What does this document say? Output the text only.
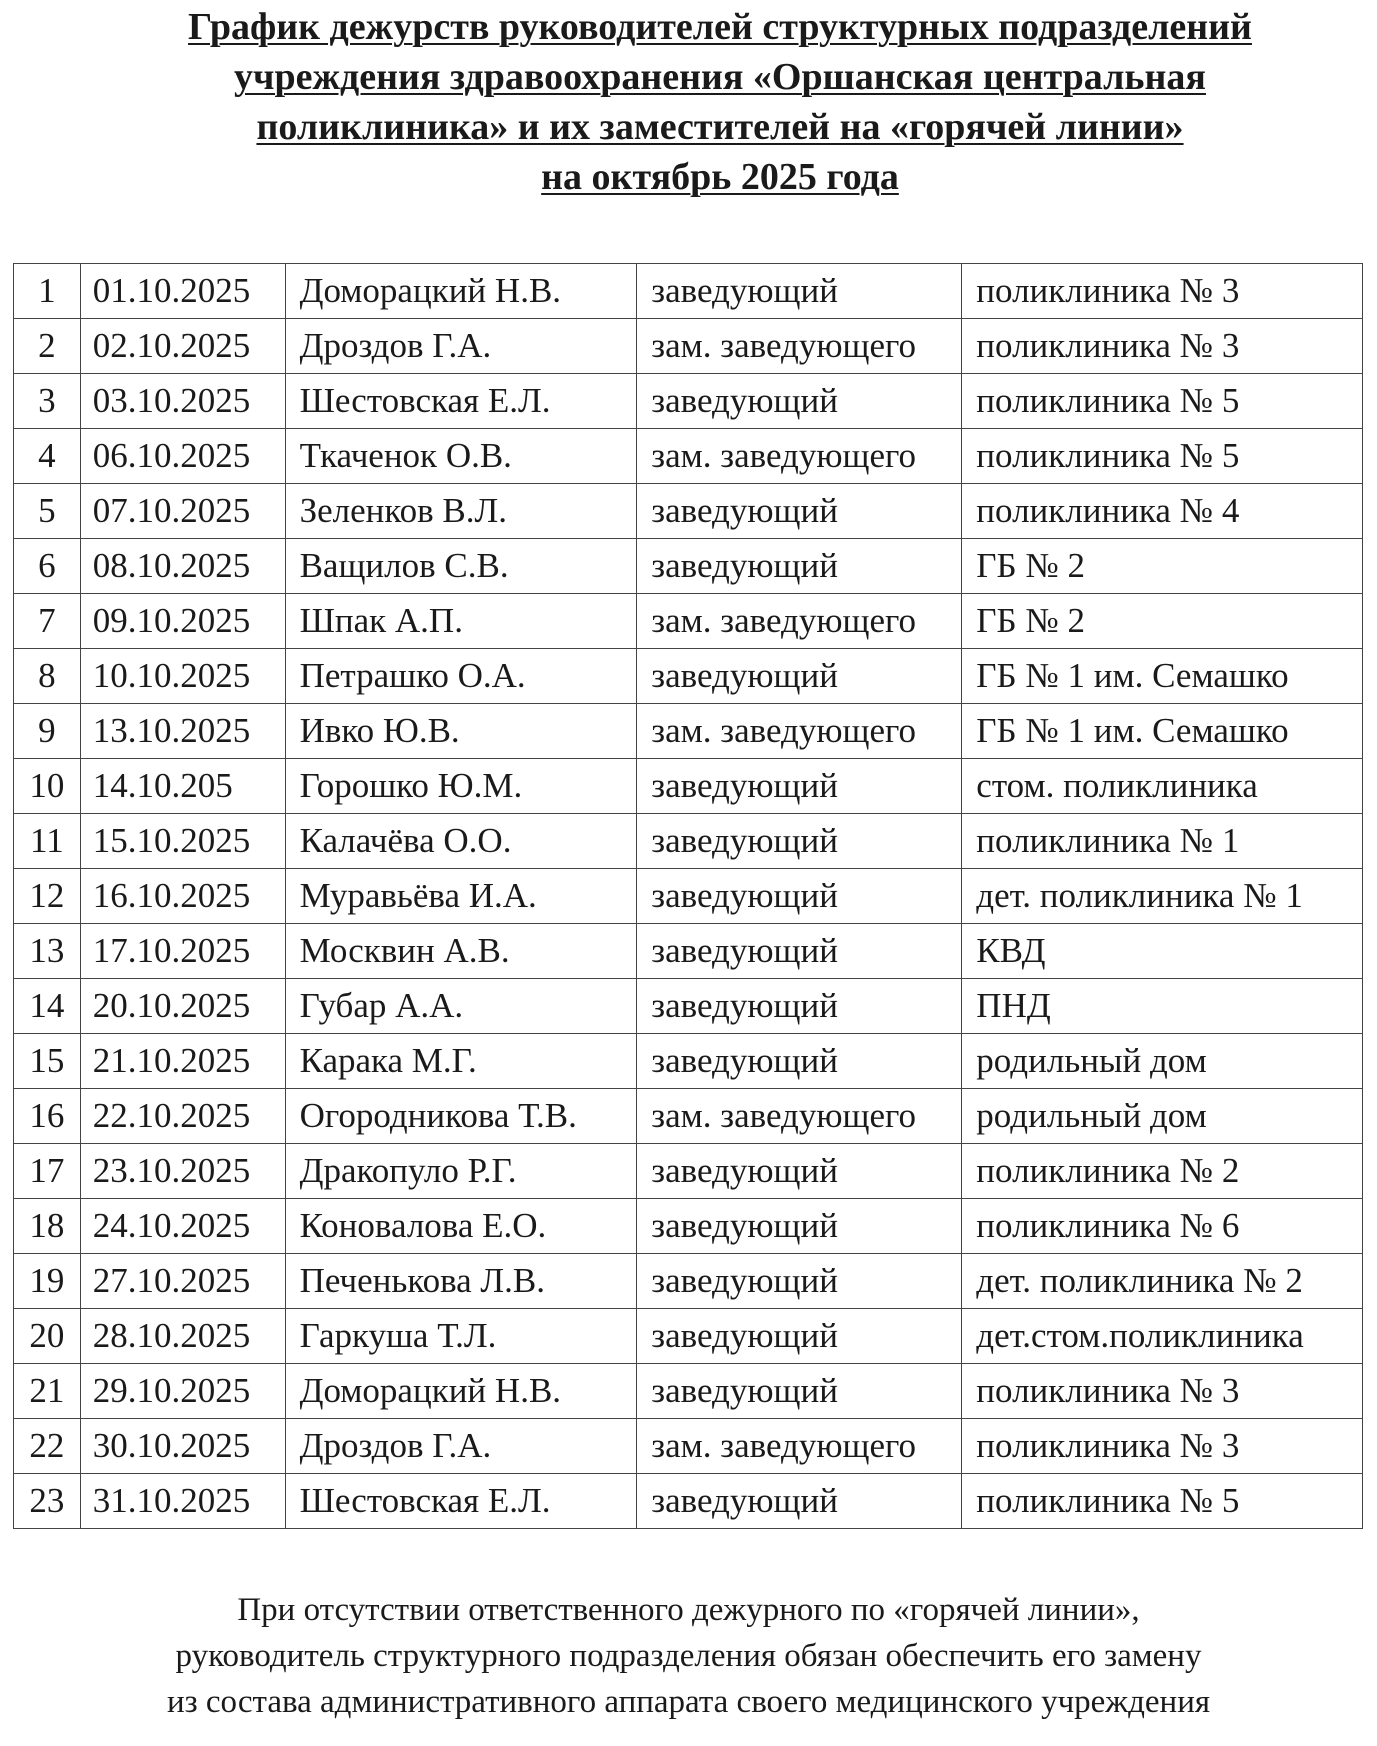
График дежурств руководителей структурных подразделений
учреждения здравоохранения «Оршанская центральная
поликлиника» и их заместителей на «горячей линии»
на октябрь 2025 года
1	01.10.2025	Доморацкий Н.В.	заведующий	поликлиника № 3
2	02.10.2025	Дроздов Г.А.	зам. заведующего	поликлиника № 3
3	03.10.2025	Шестовская Е.Л.	заведующий	поликлиника № 5
4	06.10.2025	Ткаченок О.В.	зам. заведующего	поликлиника № 5
5	07.10.2025	Зеленков В.Л.	заведующий	поликлиника № 4
6	08.10.2025	Ващилов С.В.	заведующий	ГБ № 2
7	09.10.2025	Шпак А.П.	зам. заведующего	ГБ № 2
8	10.10.2025	Петрашко О.А.	заведующий	ГБ № 1 им. Семашко
9	13.10.2025	Ивко Ю.В.	зам. заведующего	ГБ № 1 им. Семашко
10	14.10.205	Горошко Ю.М.	заведующий	стом. поликлиника
11	15.10.2025	Калачёва О.О.	заведующий	поликлиника № 1
12	16.10.2025	Муравьёва И.А.	заведующий	дет. поликлиника № 1
13	17.10.2025	Москвин А.В.	заведующий	КВД
14	20.10.2025	Губар А.А.	заведующий	ПНД
15	21.10.2025	Карака М.Г.	заведующий	родильный дом
16	22.10.2025	Огородникова Т.В.	зам. заведующего	родильный дом
17	23.10.2025	Дракопуло Р.Г.	заведующий	поликлиника № 2
18	24.10.2025	Коновалова Е.О.	заведующий	поликлиника № 6
19	27.10.2025	Печенькова Л.В.	заведующий	дет. поликлиника № 2
20	28.10.2025	Гаркуша Т.Л.	заведующий	дет.стом.поликлиника
21	29.10.2025	Доморацкий Н.В.	заведующий	поликлиника № 3
22	30.10.2025	Дроздов Г.А.	зам. заведующего	поликлиника № 3
23	31.10.2025	Шестовская Е.Л.	заведующий	поликлиника № 5
При отсутствии ответственного дежурного по «горячей линии»,
руководитель структурного подразделения обязан обеспечить его замену
из состава административного аппарата своего медицинского учреждения
